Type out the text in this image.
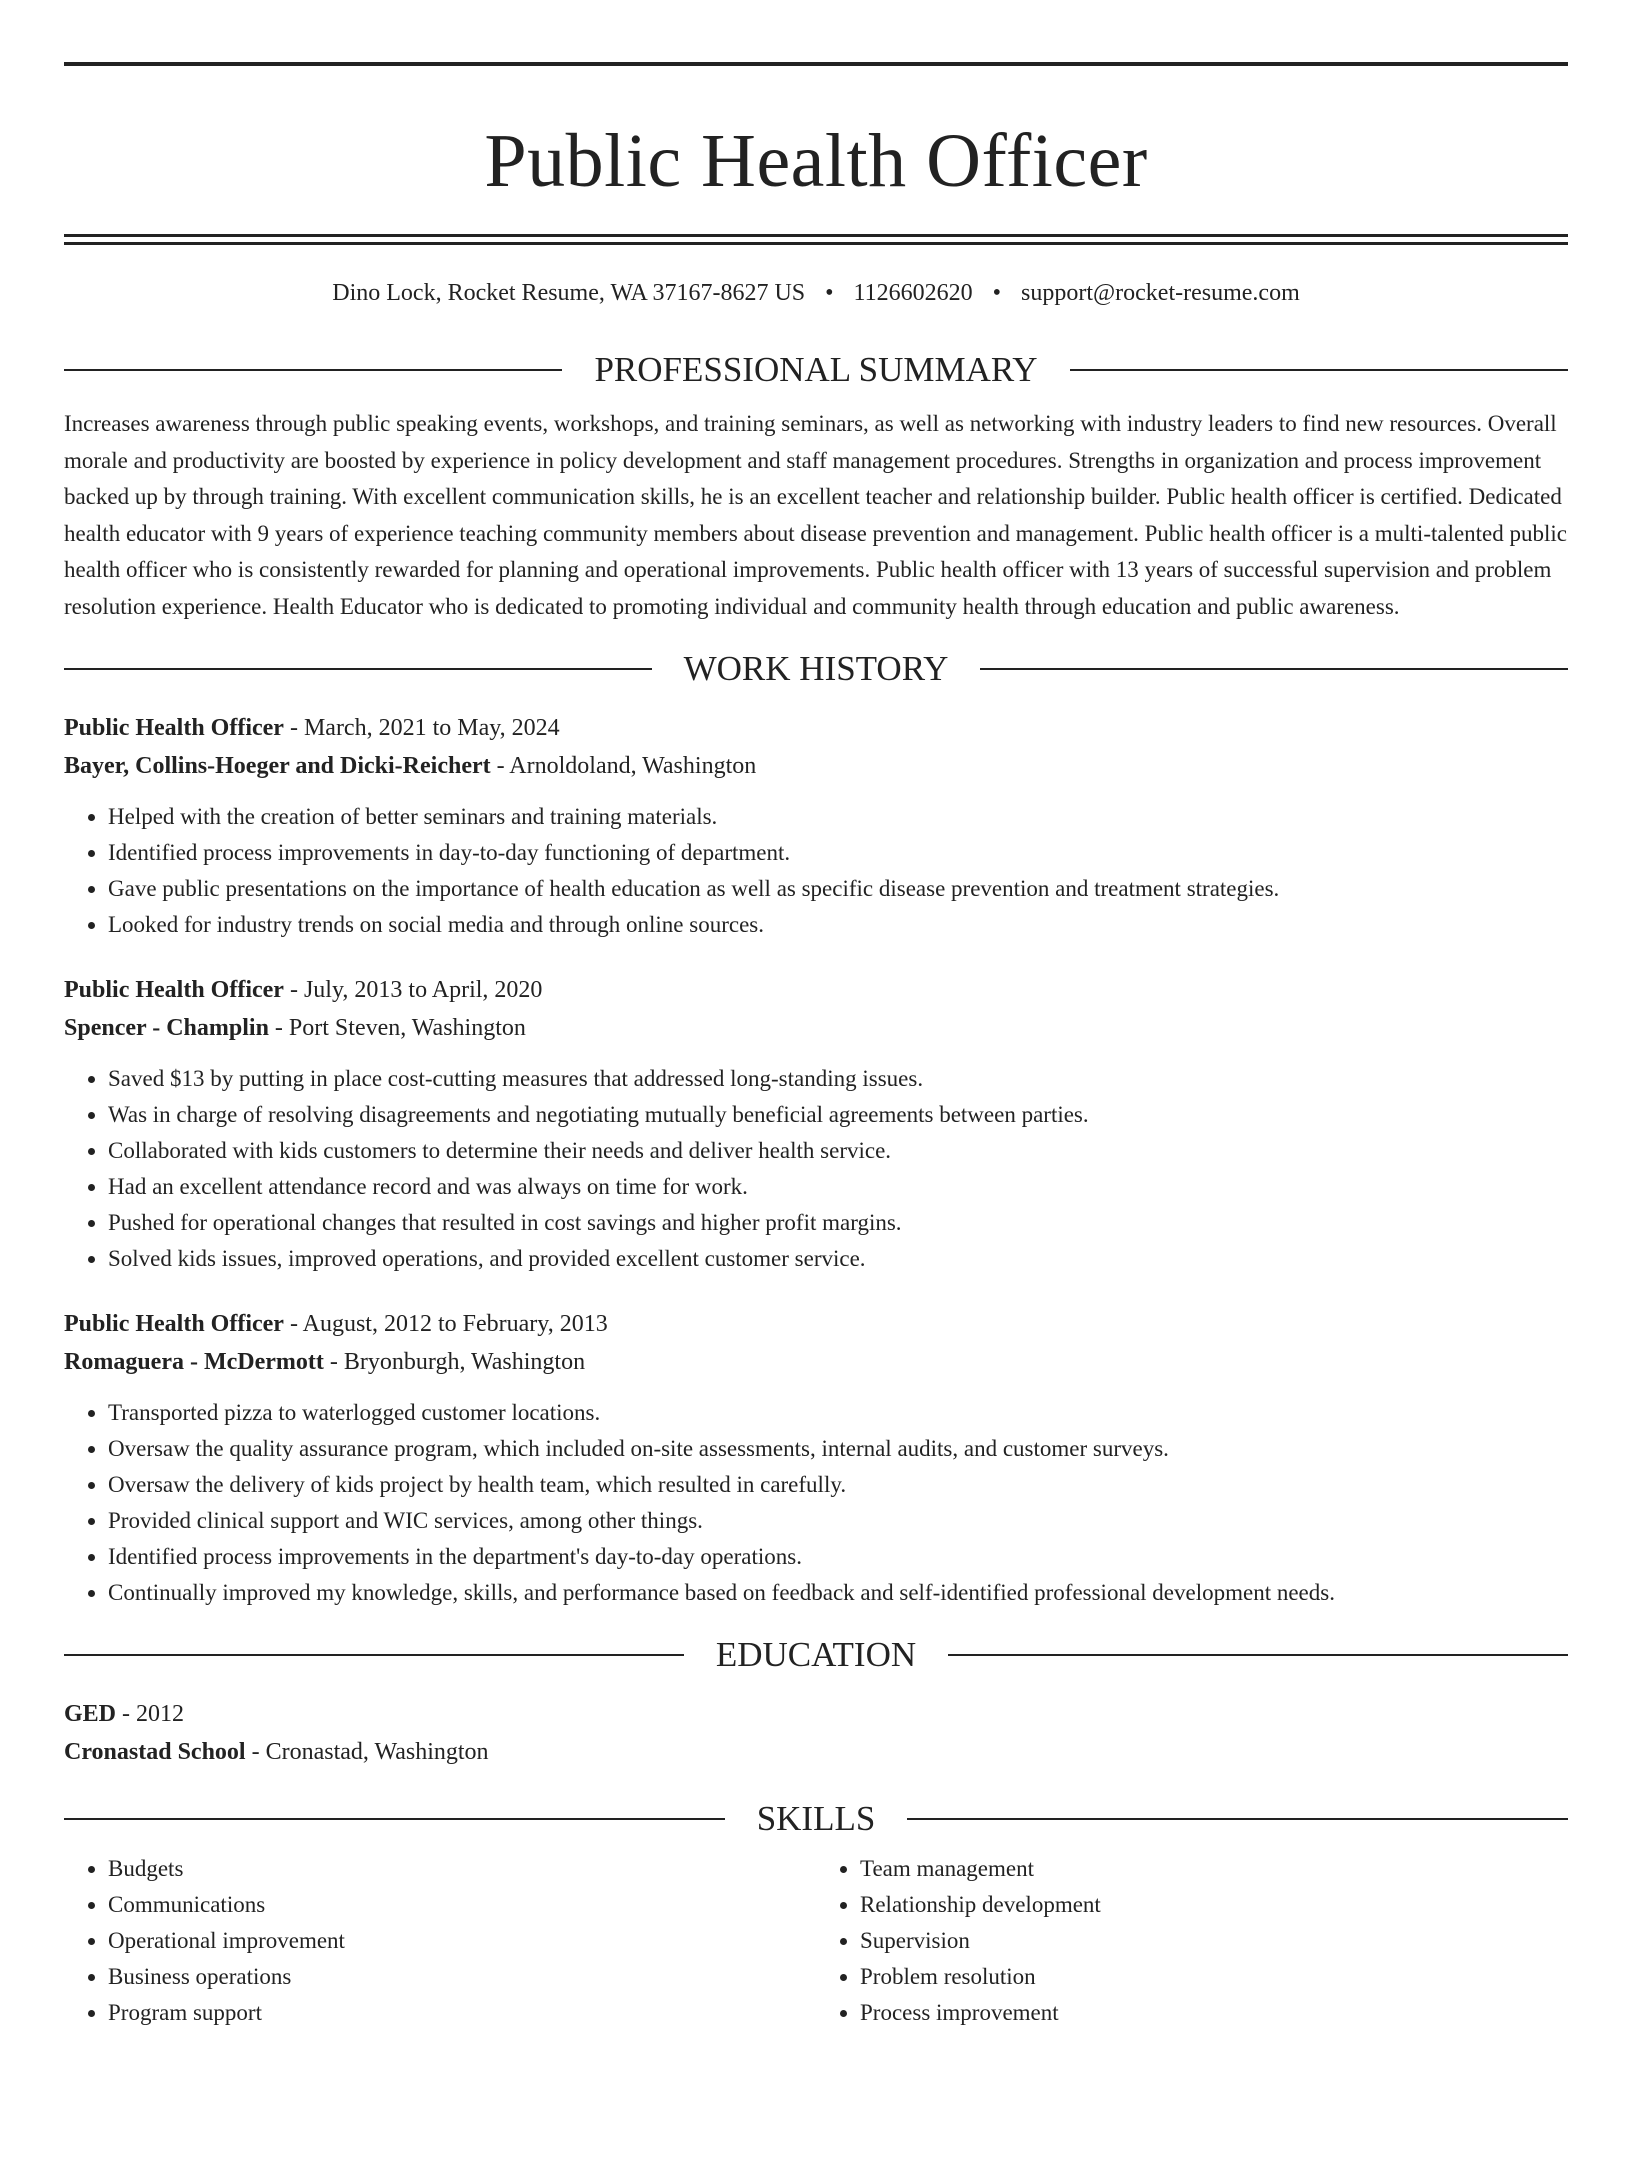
Public Health Officer
Dino Lock, Rocket Resume, WA 37167-8627 US • 1126602620 • support@rocket-resume.com
PROFESSIONAL SUMMARY

Increases awareness through public speaking events, workshops, and training seminars, as well as networking with industry leaders to find new resources. Overall morale and productivity are boosted by experience in policy development and staff management procedures. Strengths in organization and process improvement backed up by through training. With excellent communication skills, he is an excellent teacher and relationship builder. Public health officer is certified. Dedicated health educator with 9 years of experience teaching community members about disease prevention and management. Public health officer is a multi-talented public health officer who is consistently rewarded for planning and operational improvements. Public health officer with 13 years of successful supervision and problem resolution experience. Health Educator who is dedicated to promoting individual and community health through education and public awareness.

WORK HISTORY
Public Health Officer - March, 2021 to May, 2024
Bayer, Collins-Hoeger and Dicki-Reichert - Arnoldoland, Washington
• Helped with the creation of better seminars and training materials.
• Identified process improvements in day-to-day functioning of department.
• Gave public presentations on the importance of health education as well as specific disease prevention and treatment strategies.
• Looked for industry trends on social media and through online sources.
Public Health Officer - July, 2013 to April, 2020
Spencer - Champlin - Port Steven, Washington
• Saved $13 by putting in place cost-cutting measures that addressed long-standing issues.
• Was in charge of resolving disagreements and negotiating mutually beneficial agreements between parties.
• Collaborated with kids customers to determine their needs and deliver health service.
• Had an excellent attendance record and was always on time for work.
• Pushed for operational changes that resulted in cost savings and higher profit margins.
• Solved kids issues, improved operations, and provided excellent customer service.
Public Health Officer - August, 2012 to February, 2013
Romaguera - McDermott - Bryonburgh, Washington
• Transported pizza to waterlogged customer locations.
• Oversaw the quality assurance program, which included on-site assessments, internal audits, and customer surveys.
• Oversaw the delivery of kids project by health team, which resulted in carefully.
• Provided clinical support and WIC services, among other things.
• Identified process improvements in the department's day-to-day operations.
• Continually improved my knowledge, skills, and performance based on feedback and self-identified professional development needs.
EDUCATION
GED - 2012
Cronastad School - Cronastad, Washington
SKILLS
• Budgets
• Communications
• Operational improvement
• Business operations
• Program support
• Team management
• Relationship development
• Supervision
• Problem resolution
• Process improvement
